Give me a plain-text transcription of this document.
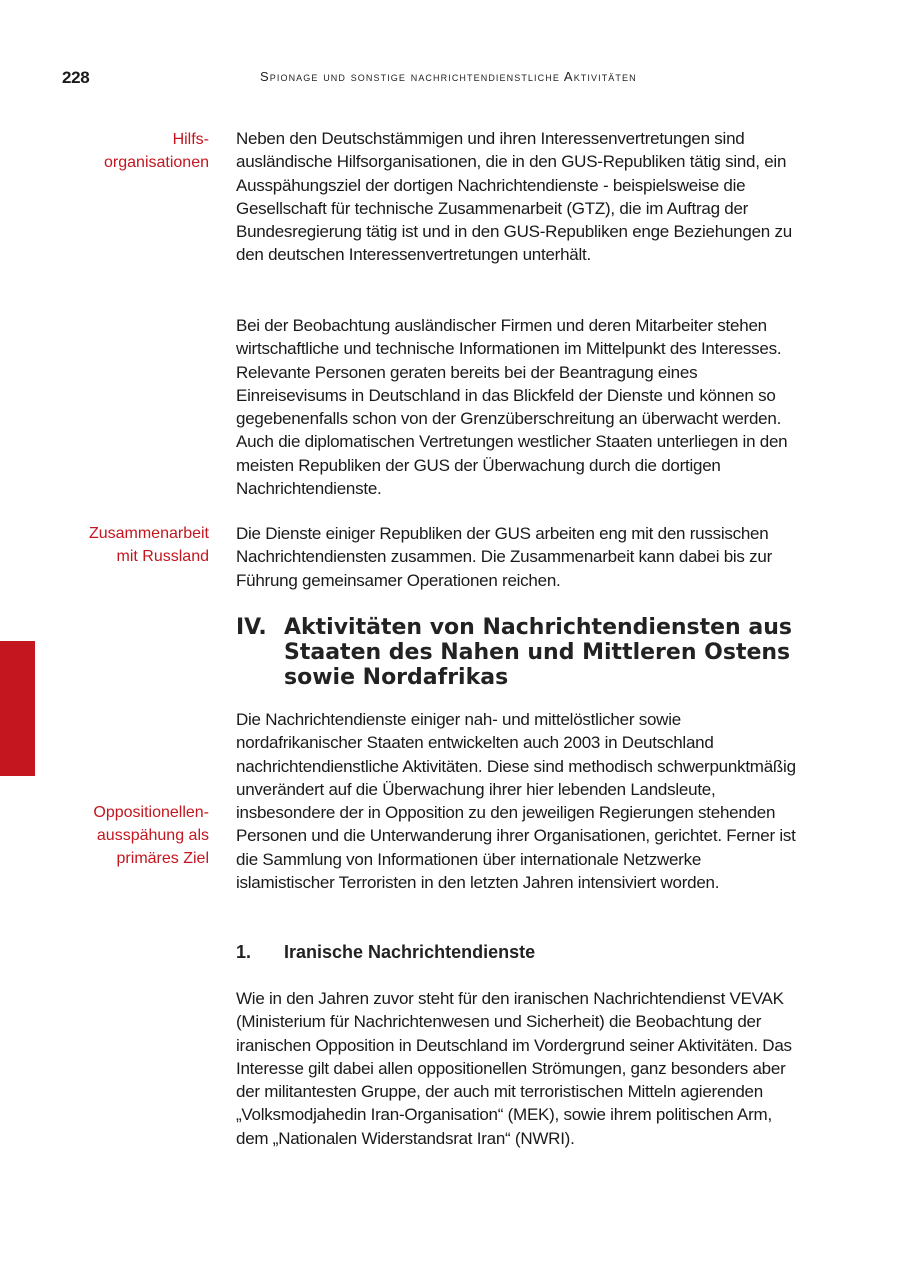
228	Spionage und sonstige nachrichtendienstliche Aktivitäten
Hilfs-
organisationen

Neben den Deutschstämmigen und ihren Interessenvertretungen sind ausländische Hilfsorganisationen, die in den GUS-Republiken tätig sind, ein Ausspähungsziel der dortigen Nachrichtendienste - beispielsweise die Gesellschaft für technische Zusammenarbeit (GTZ), die im Auftrag der Bundesregierung tätig ist und in den GUS-Republiken enge Beziehungen zu den deutschen Interessenvertretungen unterhält.

Bei der Beobachtung ausländischer Firmen und deren Mitarbeiter stehen wirtschaftliche und technische Informationen im Mittelpunkt des Interesses. Relevante Personen geraten bereits bei der Beantragung eines Einreisevisums in Deutschland in das Blickfeld der Dienste und können so gegebenenfalls schon von der Grenzüberschreitung an überwacht werden. Auch die diplomatischen Vertretungen westlicher Staaten unterliegen in den meisten Republiken der GUS der Überwachung durch die dortigen Nachrichtendienste.

Zusammenarbeit
mit Russland

Die Dienste einiger Republiken der GUS arbeiten eng mit den russischen Nachrichtendiensten zusammen. Die Zusammenarbeit kann dabei bis zur Führung gemeinsamer Operationen reichen.

IV. Aktivitäten von Nachrichtendiensten aus Staaten des Nahen und Mittleren Ostens sowie Nordafrikas

Die Nachrichtendienste einiger nah- und mittelöstlicher sowie nordafrikanischer Staaten entwickelten auch 2003 in Deutschland nachrichtendienstliche Aktivitäten. Diese sind methodisch schwerpunktmäßig unverändert auf die Überwachung ihrer hier lebenden Landsleute, insbesondere der in Opposition zu den jeweiligen Regierungen stehenden Personen und die Unterwanderung ihrer Organisationen, gerichtet. Ferner ist die Sammlung von Informationen über internationale Netzwerke islamistischer Terroristen in den letzten Jahren intensiviert worden.

Oppositionellen-
ausspähung als
primäres Ziel
1. Iranische Nachrichtendienste

Wie in den Jahren zuvor steht für den iranischen Nachrichtendienst VEVAK (Ministerium für Nachrichtenwesen und Sicherheit) die Beobachtung der iranischen Opposition in Deutschland im Vordergrund seiner Aktivitäten. Das Interesse gilt dabei allen oppositionellen Strömungen, ganz besonders aber der militantesten Gruppe, der auch mit terroristischen Mitteln agierenden „Volksmodjahedin Iran-Organisation“ (MEK), sowie ihrem politischen Arm, dem „Nationalen Widerstandsrat Iran“ (NWRI).
